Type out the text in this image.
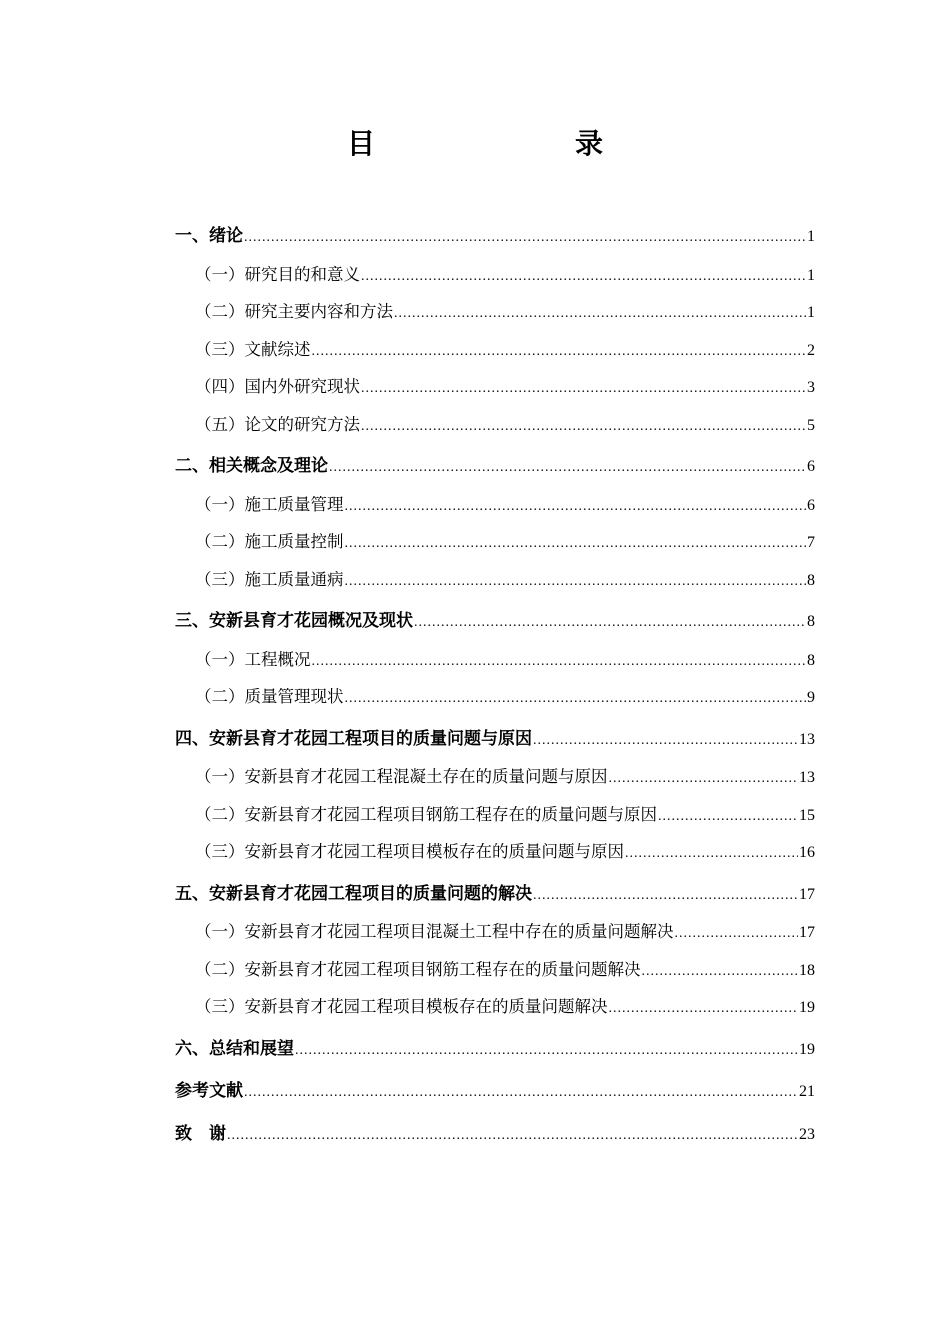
目　　录
一、绪论 .....	1
（一）研究目的和意义 .....	1
（二）研究主要内容和方法 .....	1
（三）文献综述 .....	2
（四）国内外研究现状 .....	3
（五）论文的研究方法 .....	5
二、相关概念及理论 .....	6
（一）施工质量管理 .....	6
（二）施工质量控制 .....	7
（三）施工质量通病 .....	8
三、安新县育才花园概况及现状 .....	8
（一）工程概况 .....	8
（二）质量管理现状 .....	9
四、安新县育才花园工程项目的质量问题与原因 .....	13
（一）安新县育才花园工程混凝土存在的质量问题与原因 .....	13
（二）安新县育才花园工程项目钢筋工程存在的质量问题与原因 .....	15
（三）安新县育才花园工程项目模板存在的质量问题与原因 .....	16
五、安新县育才花园工程项目的质量问题的解决 .....	17
（一）安新县育才花园工程项目混凝土工程中存在的质量问题解决 .....	17
（二）安新县育才花园工程项目钢筋工程存在的质量问题解决 .....	18
（三）安新县育才花园工程项目模板存在的质量问题解决 .....	19
六、总结和展望 .....	19
参考文献 .....	21
致　谢 .....	23
